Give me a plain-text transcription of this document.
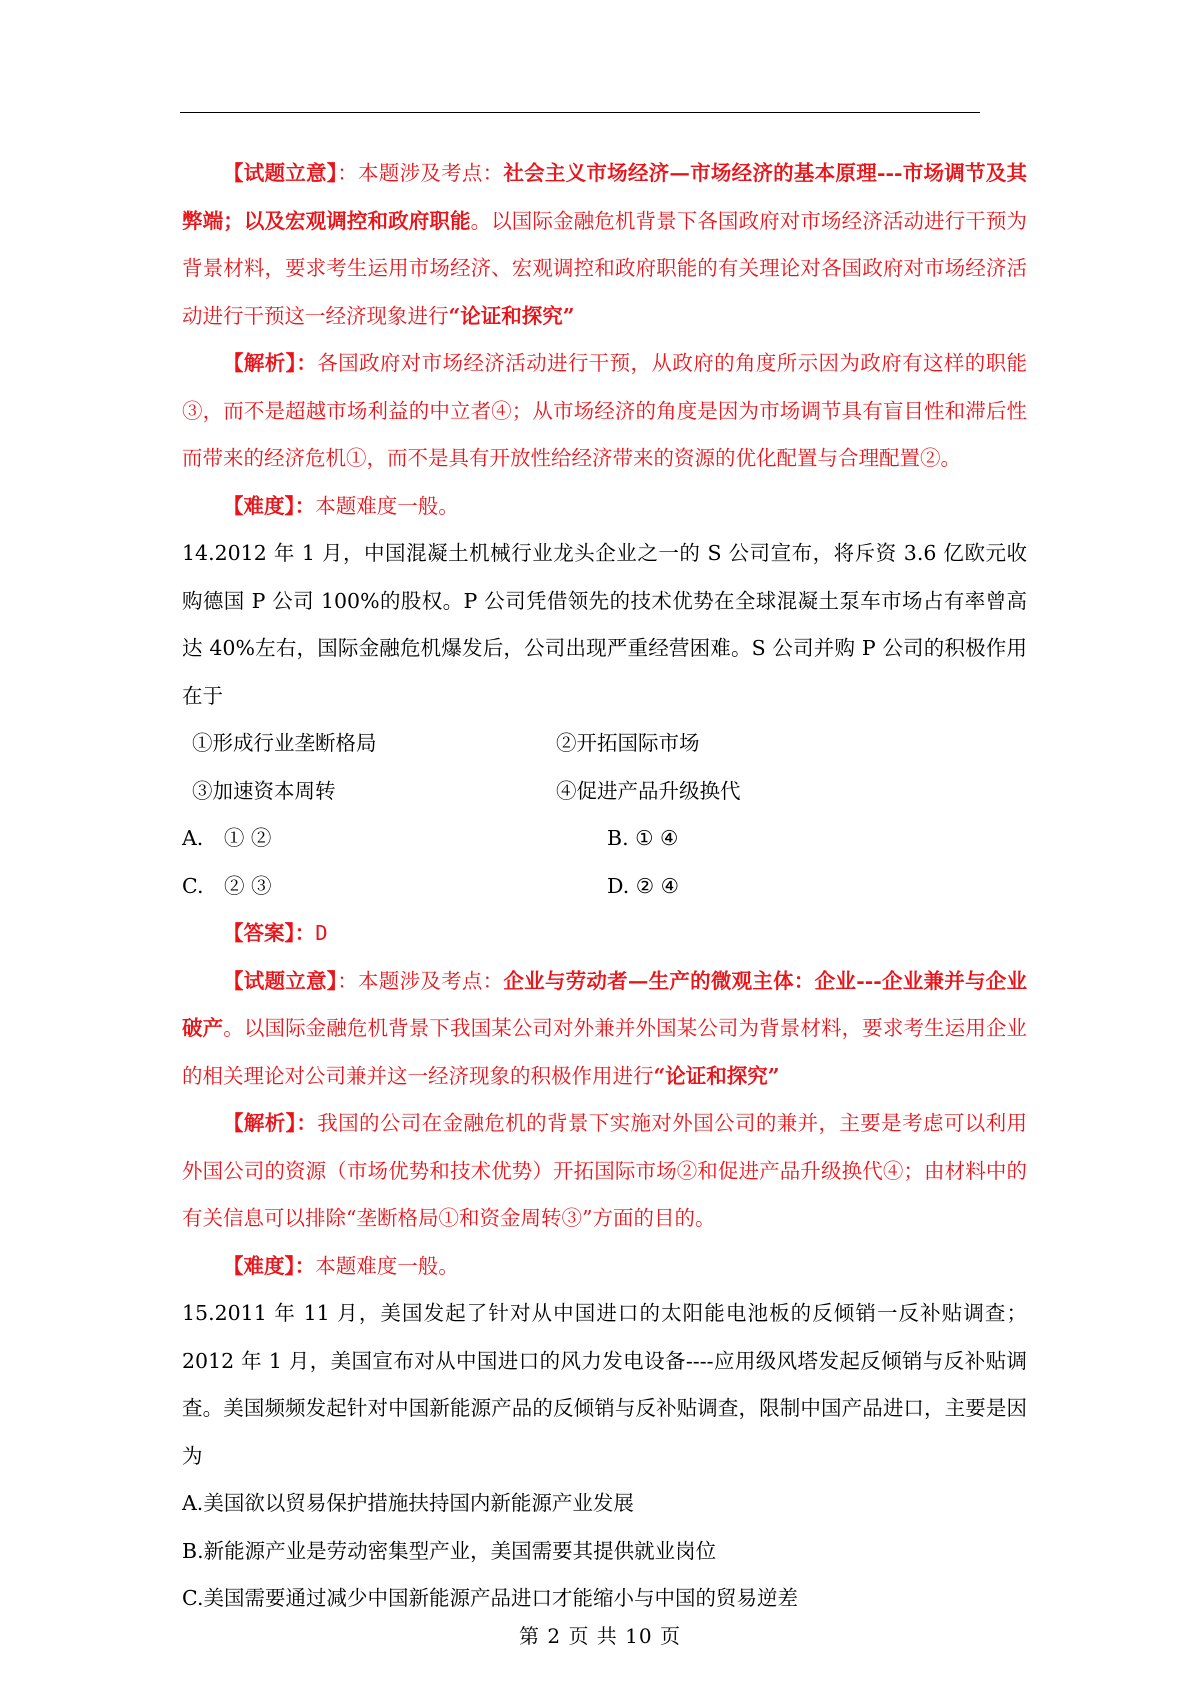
【试题立意】：本题涉及考点：社会主义市场经济—市场经济的基本原理---市场调节及其弊端；以及宏观调控和政府职能。以国际金融危机背景下各国政府对市场经济活动进行干预为背景材料，要求考生运用市场经济、宏观调控和政府职能的有关理论对各国政府对市场经济活动进行干预这一经济现象进行“论证和探究”

【解析】：各国政府对市场经济活动进行干预，从政府的角度所示因为政府有这样的职能③，而不是超越市场利益的中立者④；从市场经济的角度是因为市场调节具有盲目性和滞后性而带来的经济危机①，而不是具有开放性给经济带来的资源的优化配置与合理配置②。

【难度】：本题难度一般。

14.2012 年 1 月，中国混凝土机械行业龙头企业之一的 S 公司宣布，将斥资 3.6 亿欧元收购德国 P 公司 100%的股权。P 公司凭借领先的技术优势在全球混凝土泵车市场占有率曾高达 40%左右，国际金融危机爆发后，公司出现严重经营困难。S 公司并购 P 公司的积极作用在于

①形成行业垄断格局	②开拓国际市场
③加速资本周转	④促进产品升级换代
A.　① ②	B. ① ④
C.　② ③	D. ② ④

【答案】：D

【试题立意】：本题涉及考点：企业与劳动者—生产的微观主体：企业---企业兼并与企业破产。以国际金融危机背景下我国某公司对外兼并外国某公司为背景材料，要求考生运用企业的相关理论对公司兼并这一经济现象的积极作用进行“论证和探究”

【解析】：我国的公司在金融危机的背景下实施对外国公司的兼并，主要是考虑可以利用外国公司的资源（市场优势和技术优势）开拓国际市场②和促进产品升级换代④；由材料中的有关信息可以排除“垄断格局①和资金周转③”方面的目的。

【难度】：本题难度一般。

15.2011 年 11 月，美国发起了针对从中国进口的太阳能电池板的反倾销一反补贴调查；2012 年 1 月，美国宣布对从中国进口的风力发电设备----应用级风塔发起反倾销与反补贴调查。美国频频发起针对中国新能源产品的反倾销与反补贴调查，限制中国产品进口，主要是因为

A.美国欲以贸易保护措施扶持国内新能源产业发展

B.新能源产业是劳动密集型产业，美国需要其提供就业岗位

C.美国需要通过减少中国新能源产品进口才能缩小与中国的贸易逆差

第 2 页 共 10 页
